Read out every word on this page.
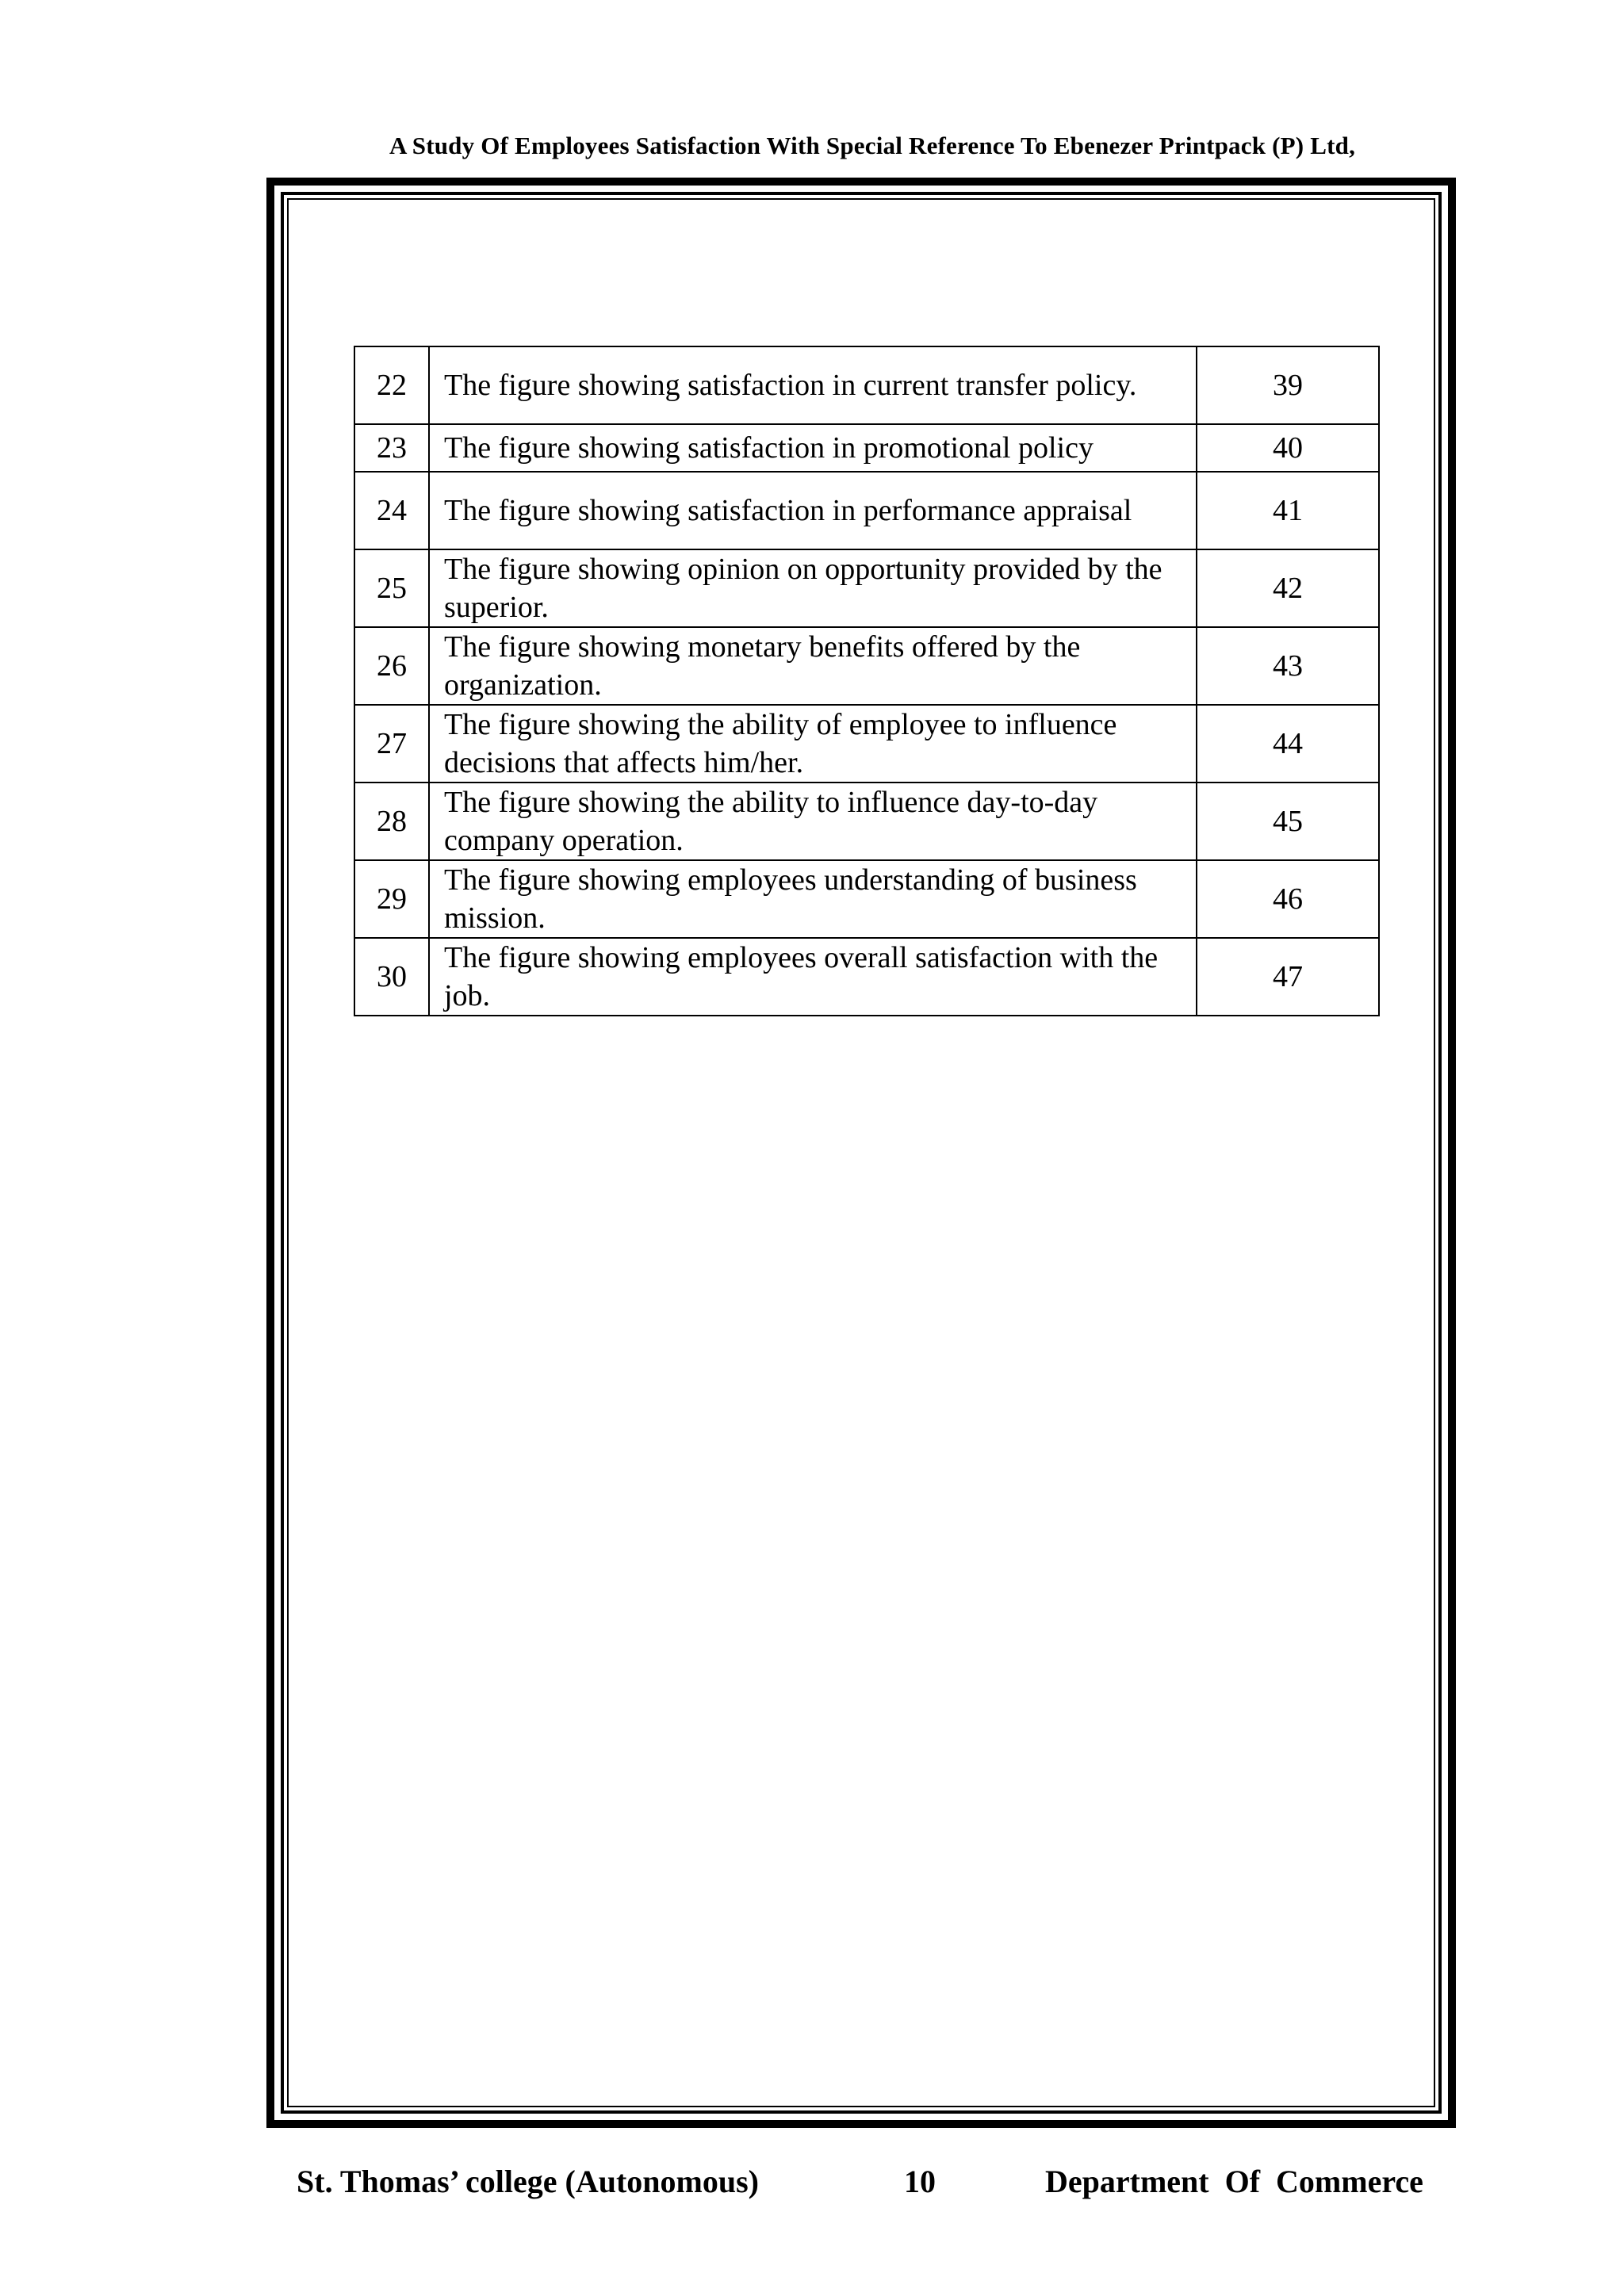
A Study Of Employees Satisfaction With Special Reference To Ebenezer Printpack (P) Ltd,
22	The figure showing satisfaction in current transfer policy.	39
23	The figure showing satisfaction in promotional policy	40
24	The figure showing satisfaction in performance appraisal	41
25	The figure showing opinion on opportunity provided by the superior.	42
26	The figure showing monetary benefits offered by the organization.	43
27	The figure showing the ability of employee to influence decisions that affects him/her.	44
28	The figure showing the ability to influence day-to-day company operation.	45
29	The figure showing employees understanding of business mission.	46
30	The figure showing employees overall satisfaction with the job.	47
St. Thomas’ college (Autonomous)	10	Department  Of  Commerce
